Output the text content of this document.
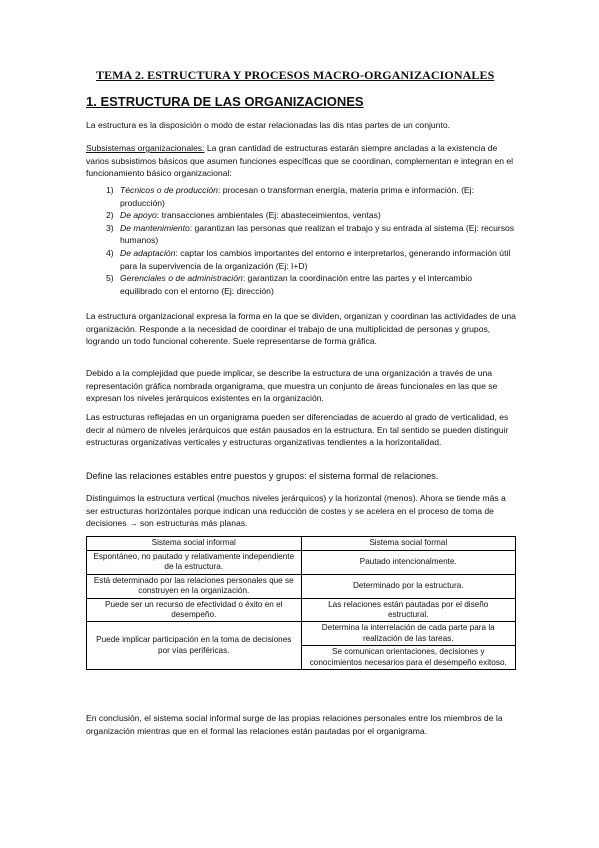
TEMA 2. ESTRUCTURA Y PROCESOS MACRO-ORGANIZACIONALES
1. ESTRUCTURA DE LAS ORGANIZACIONES
La estructura es la disposición o modo de estar relacionadas las dis ntas partes de un conjunto.
Subsistemas organizacionales: La gran cantidad de estructuras estarán siempre ancladas a la existencia de varios subsistimos básicos que asumen funciones específicas que se coordinan, complementan e integran en el funcionamiento básico organizacional:
1) Técnicos o de producción: procesan o transforman energía, materia prima e información. (Ej: producción)
2) De apoyo: transacciones ambientales (Ej: abasteceimientos, ventas)
3) De mantenimiento: garantizan las personas que realizan el trabajo y su entrada al sistema (Ej: recursos humanos)
4) De adaptación: captar los cambios importantes del entorno e interpretarlos, generando información útil para la supervivencia de la organización (Ej: I+D)
5) Gerenciales o de administración: garantizan la coordinación entre las partes y el intercambio equilibrado con el entorno (Ej: dirección)
La estructura organizacional expresa la forma en la que se dividen, organizan y coordinan las actividades de una organización. Responde a la necesidad de coordinar el trabajo de una multiplicidad de personas y grupos, logrando un todo funcional coherente. Suele representarse de forma gráfica.
Debido a la complejidad que puede implicar, se describe la estructura de una organización a través de una representación gráfica nombrada organigrama, que muestra un conjunto de áreas funcionales en las que se expresan los niveles jerárquicos existentes en la organización.
Las estructuras reflejadas en un organigrama pueden ser diferenciadas de acuerdo al grado de verticalidad, es decir al número de niveles jerárquicos que están pausados en la estructura. En tal sentido se pueden distinguir estructuras organizativas verticales y estructuras organizativas tendientes a la horizontalidad.
Define las relaciones estables entre puestos y grupos: el sistema formal de relaciones.
Distinguimos la estructura vertical (muchos niveles jerárquicos) y la horizontal (menos). Ahora se tiende más a ser estructuras horizontales porque indican una reducción de costes y se acelera en el proceso de toma de decisiones → son estructuras más planas.
Sistema social informal	Sistema social formal
Espontáneo, no pautado y relativamente independiente de la estructura.	Pautado intencionalmente.
Está determinado por las relaciones personales que se construyen en la organización.	Determinado por la estructura.
Puede ser un recurso de efectividad o éxito en el desempeño.	Las relaciones están pautadas por el diseño estructural.
Puede implicar participación en la toma de decisiones por vías periféricas.	Determina la interrelación de cada parte para la realización de las tareas.
	Se comunican orientaciones, decisiones y conocimientos necesarios para el desempeño exitoso.
En conclusión, el sistema social informal surge de las propias relaciones personales entre los miembros de la organización mientras que en el formal las relaciones están pautadas por el organigrama.
